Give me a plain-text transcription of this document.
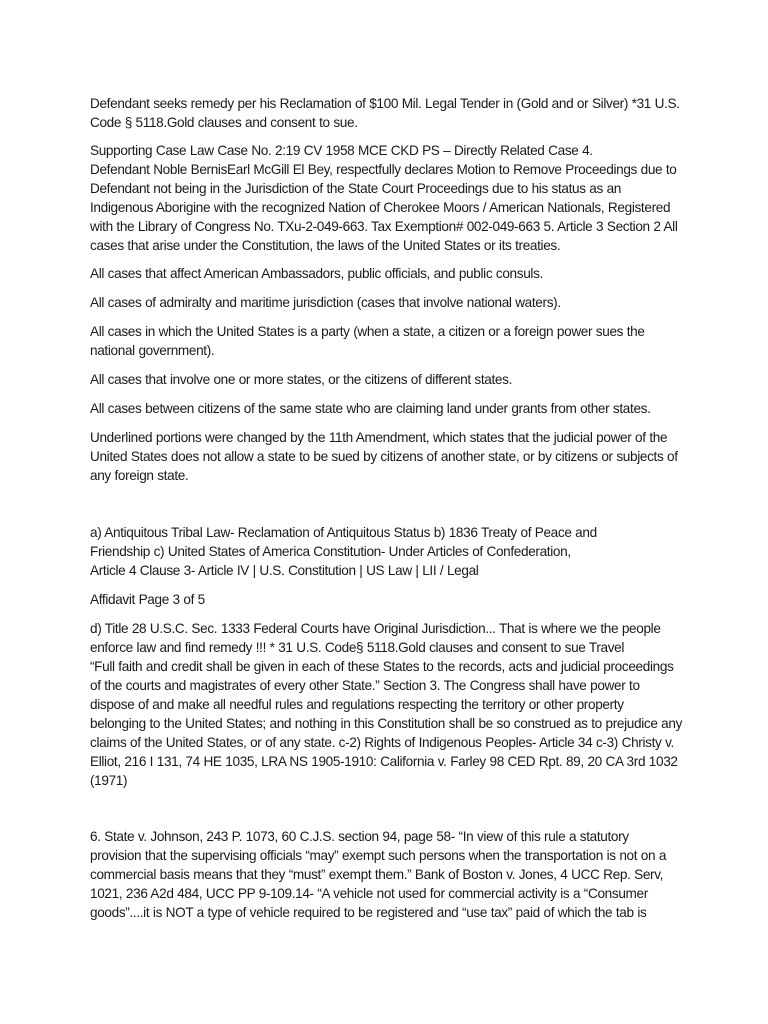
Defendant seeks remedy per his Reclamation of $100 Mil. Legal Tender in (Gold and or Silver) *31 U.S.
Code § 5118.Gold clauses and consent to sue.
Supporting Case Law Case No. 2:19 CV 1958 MCE CKD PS – Directly Related Case 4.
Defendant Noble BernisEarl McGill El Bey, respectfully declares Motion to Remove Proceedings due to
Defendant not being in the Jurisdiction of the State Court Proceedings due to his status as an
Indigenous Aborigine with the recognized Nation of Cherokee Moors / American Nationals, Registered
with the Library of Congress No. TXu-2-049-663. Tax Exemption# 002-049-663 5. Article 3 Section 2 All
cases that arise under the Constitution, the laws of the United States or its treaties.
All cases that affect American Ambassadors, public officials, and public consuls.
All cases of admiralty and maritime jurisdiction (cases that involve national waters).
All cases in which the United States is a party (when a state, a citizen or a foreign power sues the
national government).
All cases that involve one or more states, or the citizens of different states.
All cases between citizens of the same state who are claiming land under grants from other states.
Underlined portions were changed by the 11th Amendment, which states that the judicial power of the
United States does not allow a state to be sued by citizens of another state, or by citizens or subjects of
any foreign state.
a) Antiquitous Tribal Law- Reclamation of Antiquitous Status b) 1836 Treaty of Peace and
Friendship c) United States of America Constitution- Under Articles of Confederation,
Article 4 Clause 3- Article IV | U.S. Constitution | US Law | LII / Legal
Affidavit Page 3 of 5
d) Title 28 U.S.C. Sec. 1333 Federal Courts have Original Jurisdiction... That is where we the people
enforce law and find remedy !!! * 31 U.S. Code§ 5118.Gold clauses and consent to sue Travel
“Full faith and credit shall be given in each of these States to the records, acts and judicial proceedings
of the courts and magistrates of every other State.” Section 3. The Congress shall have power to
dispose of and make all needful rules and regulations respecting the territory or other property
belonging to the United States; and nothing in this Constitution shall be so construed as to prejudice any
claims of the United States, or of any state. c-2) Rights of Indigenous Peoples- Article 34 c-3) Christy v.
Elliot, 216 I 131, 74 HE 1035, LRA NS 1905-1910: California v. Farley 98 CED Rpt. 89, 20 CA 3rd 1032
(1971)
6. State v. Johnson, 243 P. 1073, 60 C.J.S. section 94, page 58- “In view of this rule a statutory
provision that the supervising officials “may” exempt such persons when the transportation is not on a
commercial basis means that they “must” exempt them.” Bank of Boston v. Jones, 4 UCC Rep. Serv,
1021, 236 A2d 484, UCC PP 9-109.14- “A vehicle not used for commercial activity is a “Consumer
goods”....it is NOT a type of vehicle required to be registered and “use tax” paid of which the tab is
